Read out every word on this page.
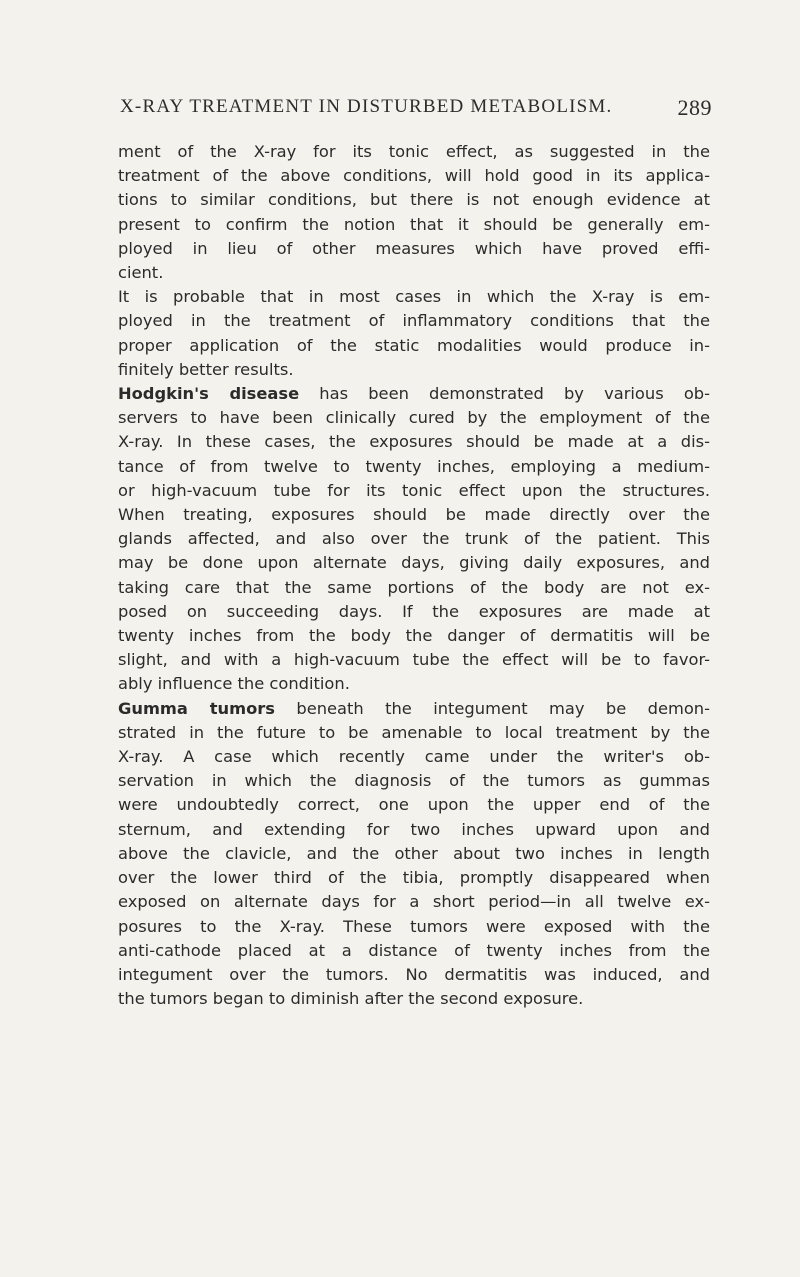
X-RAY TREATMENT IN DISTURBED METABOLISM.	289

ment of the X-ray for its tonic effect, as suggested in the
treatment of the above conditions, will hold good in its applica-
tions to similar conditions, but there is not enough evidence at
present to confirm the notion that it should be generally em-
ployed in lieu of other measures which have proved effi-
cient.

It is probable that in most cases in which the X-ray is em-
ployed in the treatment of inflammatory conditions that the
proper application of the static modalities would produce in-
finitely better results.

Hodgkin's disease has been demonstrated by various ob-
servers to have been clinically cured by the employment of the
X-ray. In these cases, the exposures should be made at a dis-
tance of from twelve to twenty inches, employing a medium-
or high-vacuum tube for its tonic effect upon the structures.
When treating, exposures should be made directly over the
glands affected, and also over the trunk of the patient. This
may be done upon alternate days, giving daily exposures, and
taking care that the same portions of the body are not ex-
posed on succeeding days. If the exposures are made at
twenty inches from the body the danger of dermatitis will be
slight, and with a high-vacuum tube the effect will be to favor-
ably influence the condition.

Gumma tumors beneath the integument may be demon-
strated in the future to be amenable to local treatment by the
X-ray. A case which recently came under the writer's ob-
servation in which the diagnosis of the tumors as gummas
were undoubtedly correct, one upon the upper end of the
sternum, and extending for two inches upward upon and
above the clavicle, and the other about two inches in length
over the lower third of the tibia, promptly disappeared when
exposed on alternate days for a short period—in all twelve ex-
posures to the X-ray. These tumors were exposed with the
anti-cathode placed at a distance of twenty inches from the
integument over the tumors. No dermatitis was induced, and
the tumors began to diminish after the second exposure.
